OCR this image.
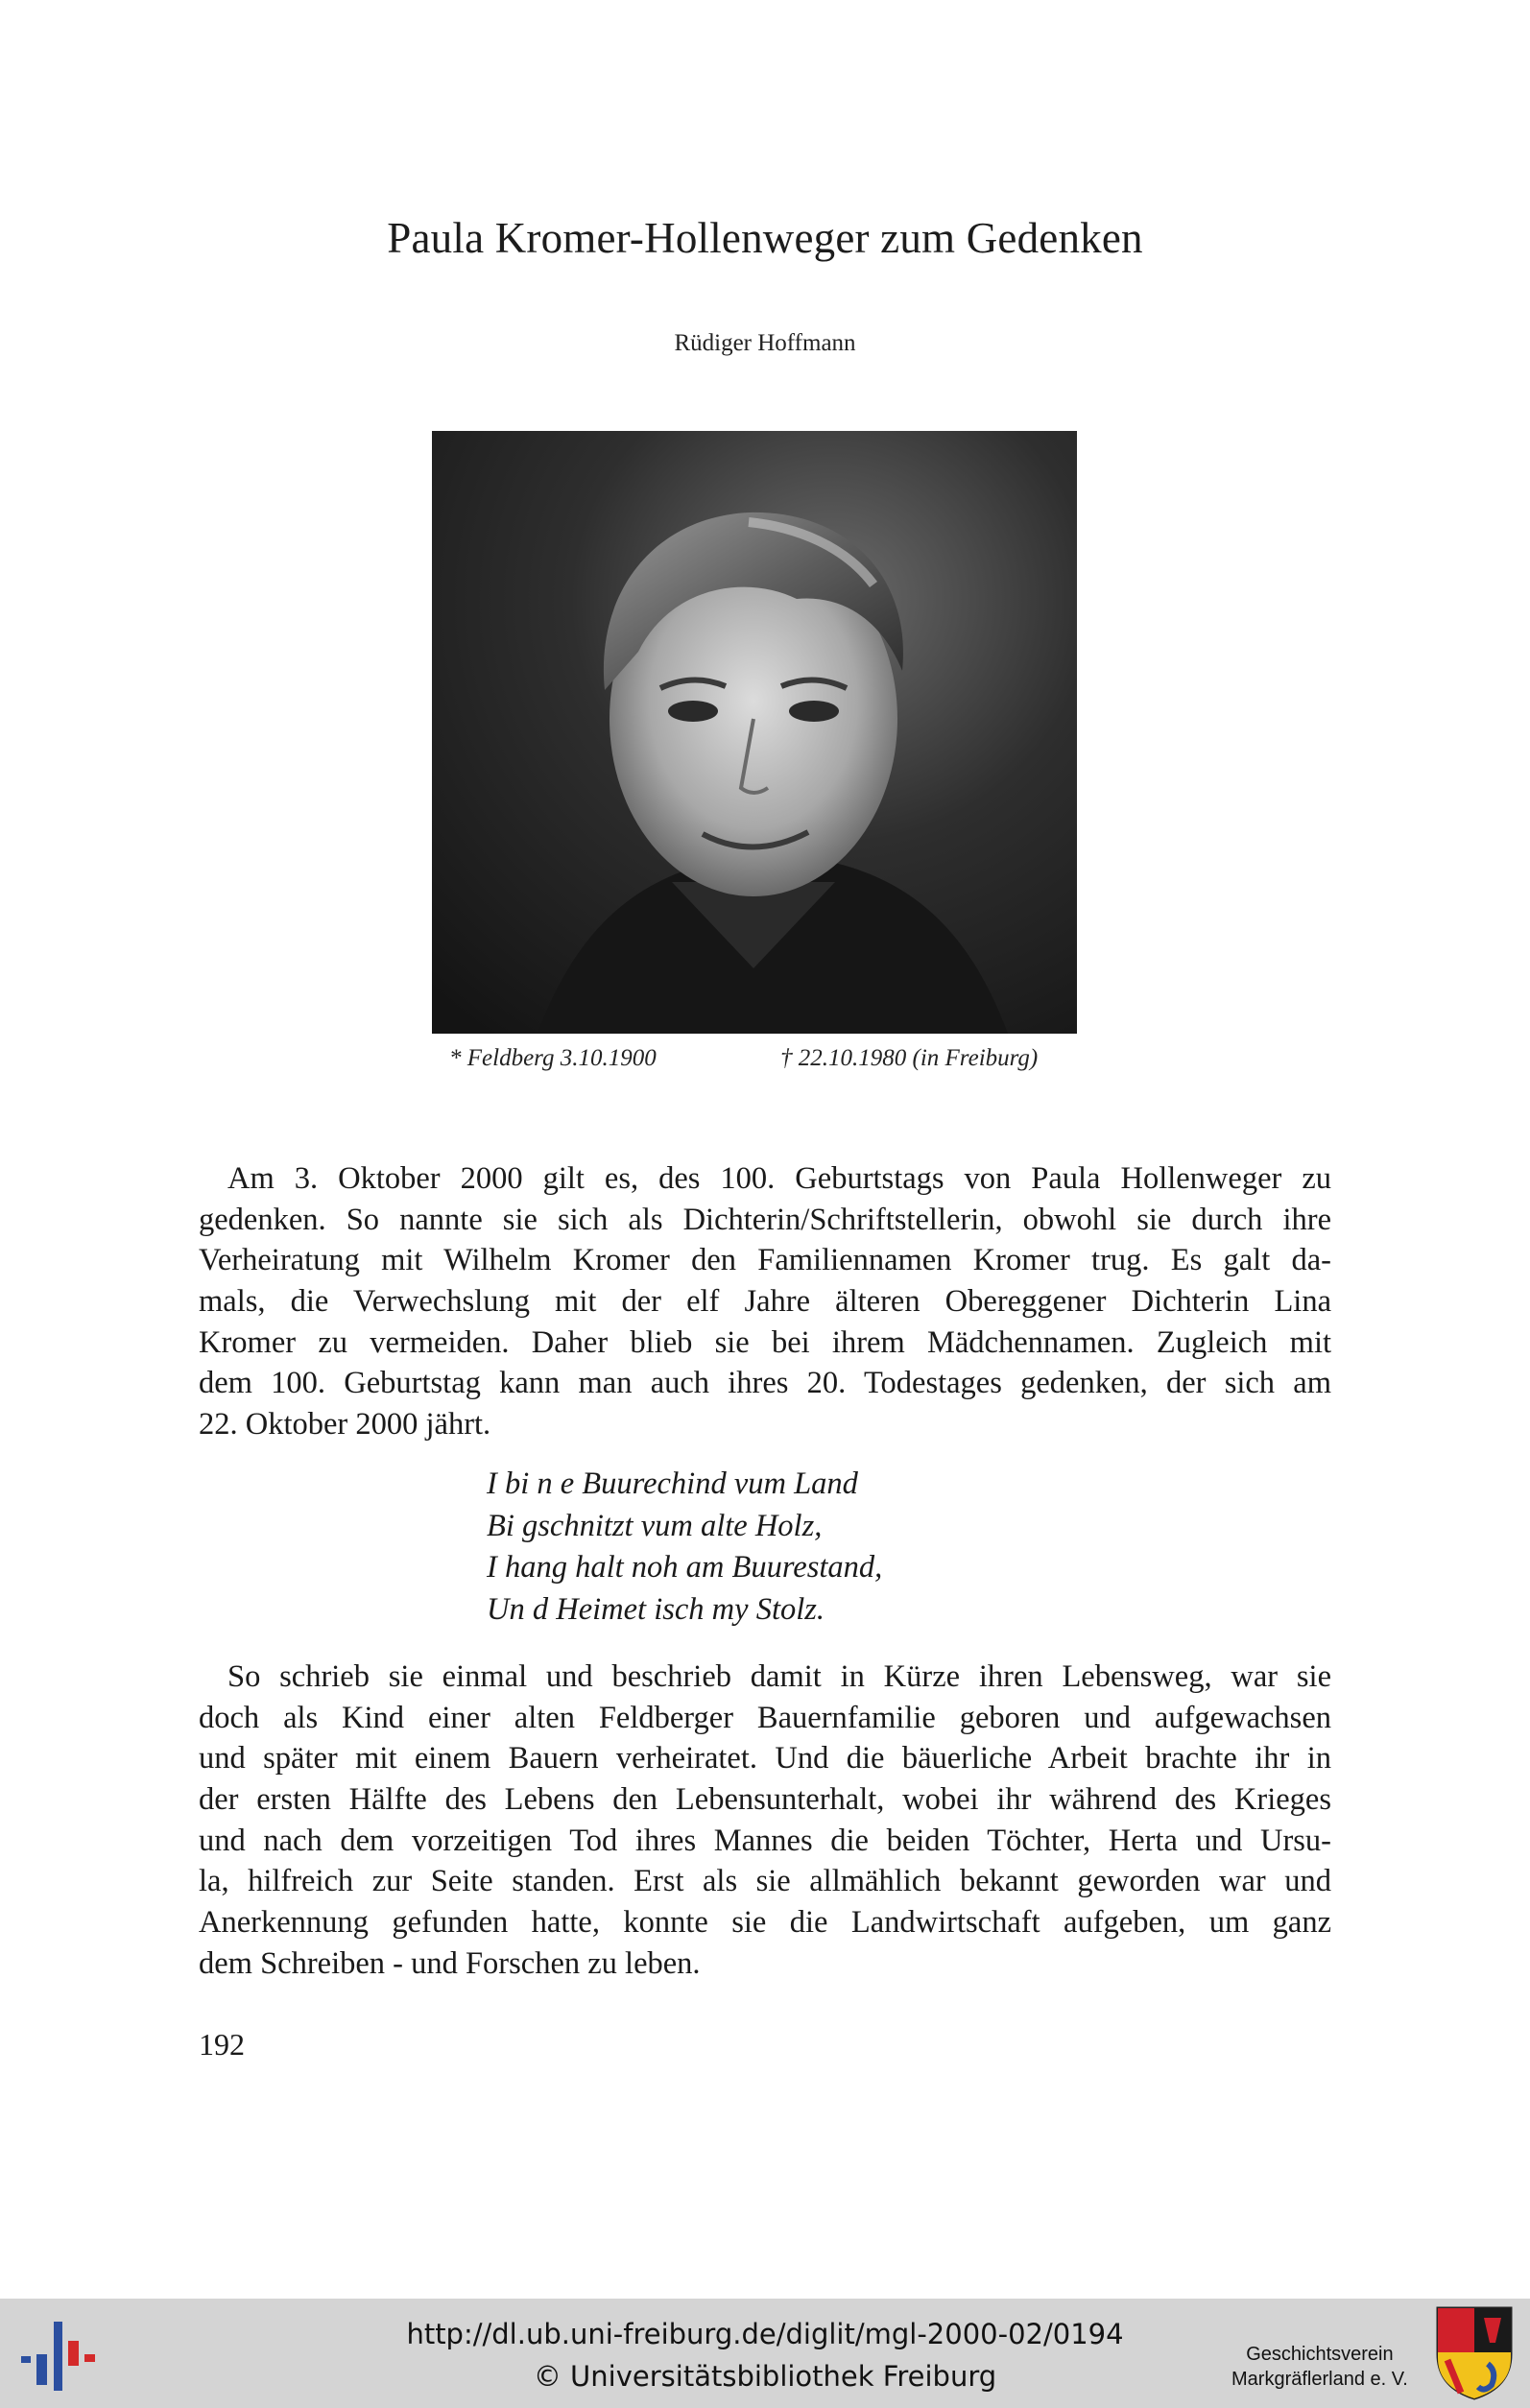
Paula Kromer-Hollenweger zum Gedenken
Rüdiger Hoffmann
* Feldberg 3.10.1900	† 22.10.1980 (in Freiburg)
Am 3. Oktober 2000 gilt es, des 100. Geburtstags von Paula Hollenweger zu
gedenken. So nannte sie sich als Dichterin/Schriftstellerin, obwohl sie durch ihre
Verheiratung mit Wilhelm Kromer den Familiennamen Kromer trug. Es galt da-
mals, die Verwechslung mit der elf Jahre älteren Obereggener Dichterin Lina
Kromer zu vermeiden. Daher blieb sie bei ihrem Mädchennamen. Zugleich mit
dem 100. Geburtstag kann man auch ihres 20. Todestages gedenken, der sich am
22. Oktober 2000 jährt.
I bi n e Buurechind vum Land
Bi gschnitzt vum alte Holz,
I hang halt noh am Buurestand,
Un d Heimet isch my Stolz.
So schrieb sie einmal und beschrieb damit in Kürze ihren Lebensweg, war sie
doch als Kind einer alten Feldberger Bauernfamilie geboren und aufgewachsen
und später mit einem Bauern verheiratet. Und die bäuerliche Arbeit brachte ihr in
der ersten Hälfte des Lebens den Lebensunterhalt, wobei ihr während des Krieges
und nach dem vorzeitigen Tod ihres Mannes die beiden Töchter, Herta und Ursu-
la, hilfreich zur Seite standen. Erst als sie allmählich bekannt geworden war und
Anerkennung gefunden hatte, konnte sie die Landwirtschaft aufgeben, um ganz
dem Schreiben - und Forschen zu leben.
192
http://dl.ub.uni-freiburg.de/diglit/mgl-2000-02/0194
© Universitätsbibliothek Freiburg
Geschichtsverein
Markgräflerland e. V.
